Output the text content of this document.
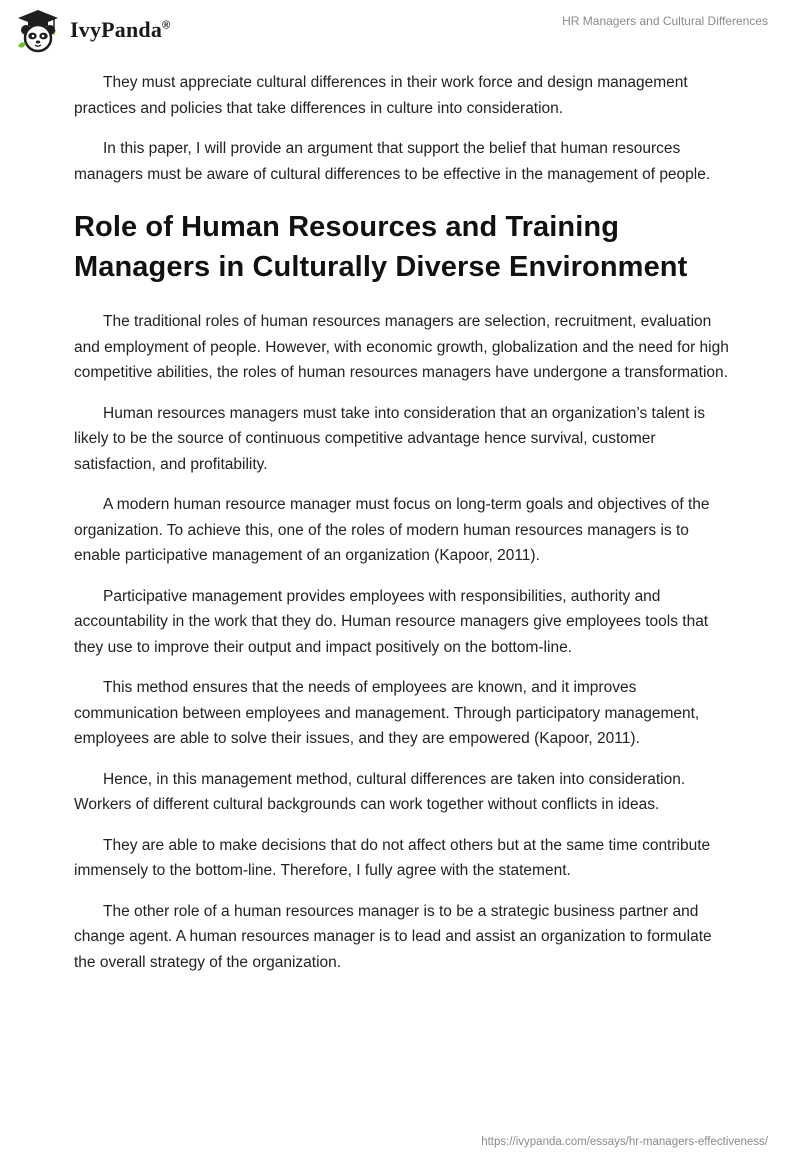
IvyPanda®	HR Managers and Cultural Differences

They must appreciate cultural differences in their work force and design management practices and policies that take differences in culture into consideration.

In this paper, I will provide an argument that support the belief that human resources managers must be aware of cultural differences to be effective in the management of people.

Role of Human Resources and Training Managers in Culturally Diverse Environment

The traditional roles of human resources managers are selection, recruitment, evaluation and employment of people. However, with economic growth, globalization and the need for high competitive abilities, the roles of human resources managers have undergone a transformation.

Human resources managers must take into consideration that an organization’s talent is likely to be the source of continuous competitive advantage hence survival, customer satisfaction, and profitability.

A modern human resource manager must focus on long-term goals and objectives of the organization. To achieve this, one of the roles of modern human resources managers is to enable participative management of an organization (Kapoor, 2011).

Participative management provides employees with responsibilities, authority and accountability in the work that they do. Human resource managers give employees tools that they use to improve their output and impact positively on the bottom-line.

This method ensures that the needs of employees are known, and it improves communication between employees and management. Through participatory management, employees are able to solve their issues, and they are empowered (Kapoor, 2011).

Hence, in this management method, cultural differences are taken into consideration. Workers of different cultural backgrounds can work together without conflicts in ideas.

They are able to make decisions that do not affect others but at the same time contribute immensely to the bottom-line. Therefore, I fully agree with the statement.

The other role of a human resources manager is to be a strategic business partner and change agent. A human resources manager is to lead and assist an organization to formulate the overall strategy of the organization.

https://ivypanda.com/essays/hr-managers-effectiveness/
